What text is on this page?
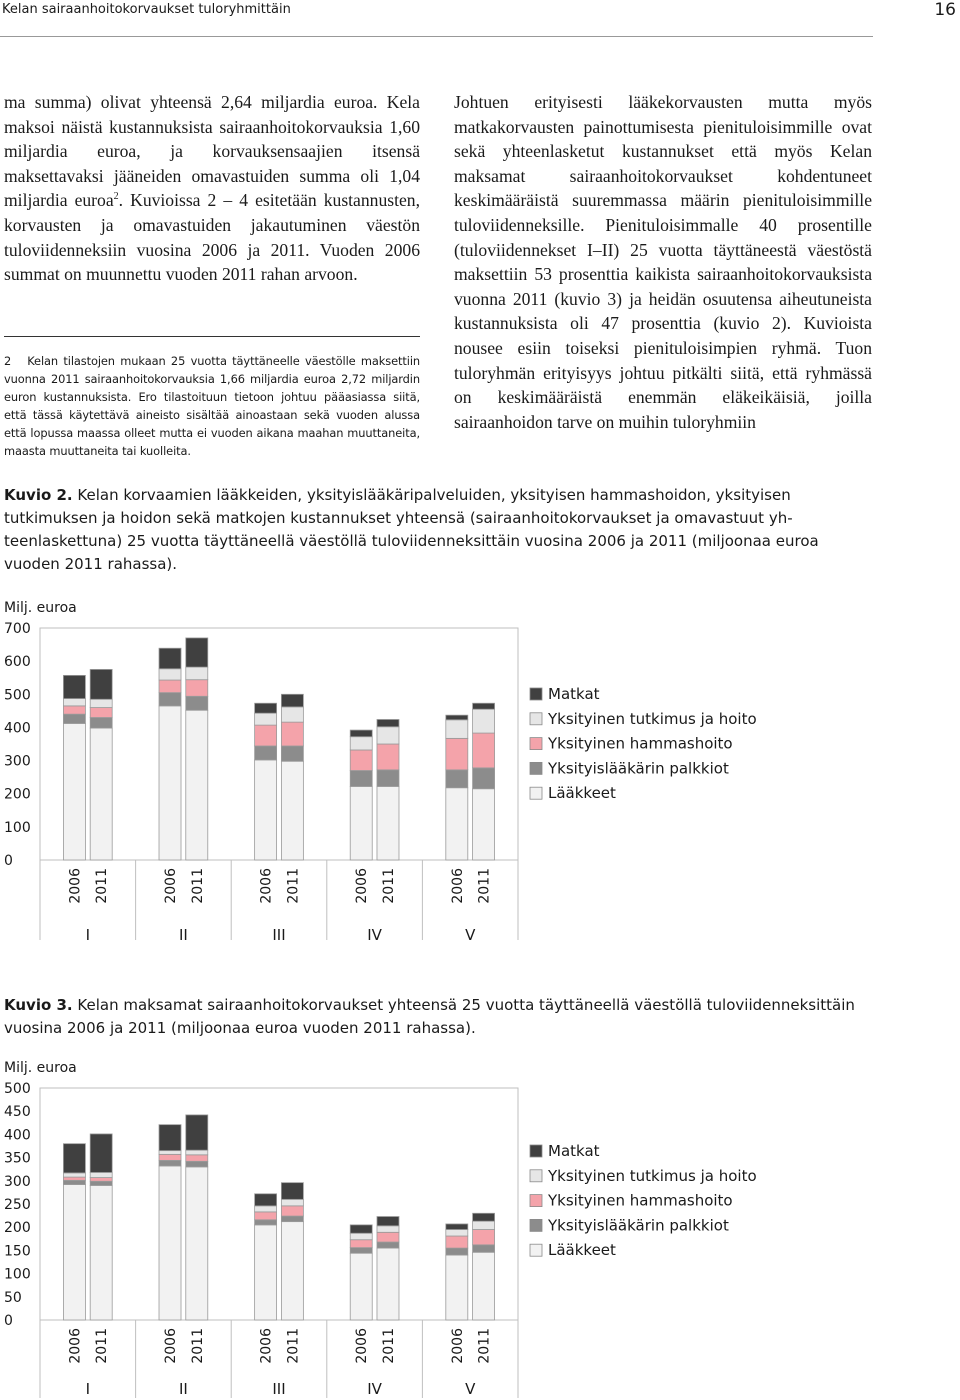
Kelan sairaanhoitokorvaukset tuloryhmittäin	16

ma summa) olivat yhteensä 2,64 miljardia euroa. Kela maksoi näistä kustannuksista sairaanhoitokorvauksia 1,60 miljardia euroa, ja korvauksensaajien itsensä maksettavaksi jääneiden omavastuiden summa oli 1,04 miljardia euroa$^2$. Kuvioissa 2 – 4 esitetään kustannusten, korvausten ja omavastuiden jakautuminen väestön tuloviidenneksiin vuosina 2006 ja 2011. Vuoden 2006 summat on muunnettu vuoden 2011 rahan arvoon.

2 Kelan tilastojen mukaan 25 vuotta täyttäneelle väestölle maksettiin vuonna 2011 sairaanhoitokorvauksia 1,66 miljardia euroa 2,72 miljardin euron kustannuksista. Ero tilastoituun tietoon johtuu pääasiassa siitä, että tässä käytettävä aineisto sisältää ainoastaan sekä vuoden alussa että lopussa maassa olleet mutta ei vuoden aikana maahan muuttaneita, maasta muuttaneita tai kuolleita.

Johtuen erityisesti lääkekorvausten mutta myös matkakorvausten painottumisesta pienituloisimmille ovat sekä yhteenlasketut kustannukset että myös Kelan maksamat sairaanhoitokorvaukset kohdentuneet keskimääräistä suuremmassa määrin pienituloisimmille tuloviidenneksille. Pienituloisimmalle 40 prosentille (tuloviidennekset I–II) 25 vuotta täyttäneestä väestöstä maksettiin 53 prosenttia kaikista sairaanhoitokorvauksista vuonna 2011 (kuvio 3) ja heidän osuutensa aiheutuneista kustannuksista oli 47 prosenttia (kuvio 2). Kuvioista nousee esiin toiseksi pienituloisimpien ryhmä. Tuon tuloryhmän erityisyys johtuu pitkälti siitä, että ryhmässä on keskimääräistä enemmän eläkeikäisiä, joilla sairaanhoidon tarve on muihin tuloryhmiin

Kuvio 2. Kelan korvaamien lääkkeiden, yksityislääkäripalveluiden, yksityisen hammashoidon, yksityisen tutkimuksen ja hoidon sekä matkojen kustannukset yhteensä (sairaanhoitokorvaukset ja omavastuut yhteenlaskettuna) 25 vuotta täyttäneellä väestöllä tuloviidenneksittäin vuosina 2006 ja 2011 (miljoonaa euroa vuoden 2011 rahassa).
Milj. euroa
0
100
200
300
400
500
600
700
2006 2011	2006 2011	2006 2011	2006 2011	2006 2011
I	II	III	IV	V
Matkat
Yksityinen tutkimus ja hoito
Yksityinen hammashoito
Yksityislääkärin palkkiot
Lääkkeet
Kuvio 3. Kelan maksamat sairaanhoitokorvaukset yhteensä 25 vuotta täyttäneellä väestöllä tuloviidenneksittäin vuosina 2006 ja 2011 (miljoonaa euroa vuoden 2011 rahassa).
Milj. euroa
0
50
100
150
200
250
300
350
400
450
500
2006 2011	2006 2011	2006 2011	2006 2011	2006 2011
I	II	III	IV	V
Matkat
Yksityinen tutkimus ja hoito
Yksityinen hammashoito
Yksityislääkärin palkkiot
Lääkkeet
